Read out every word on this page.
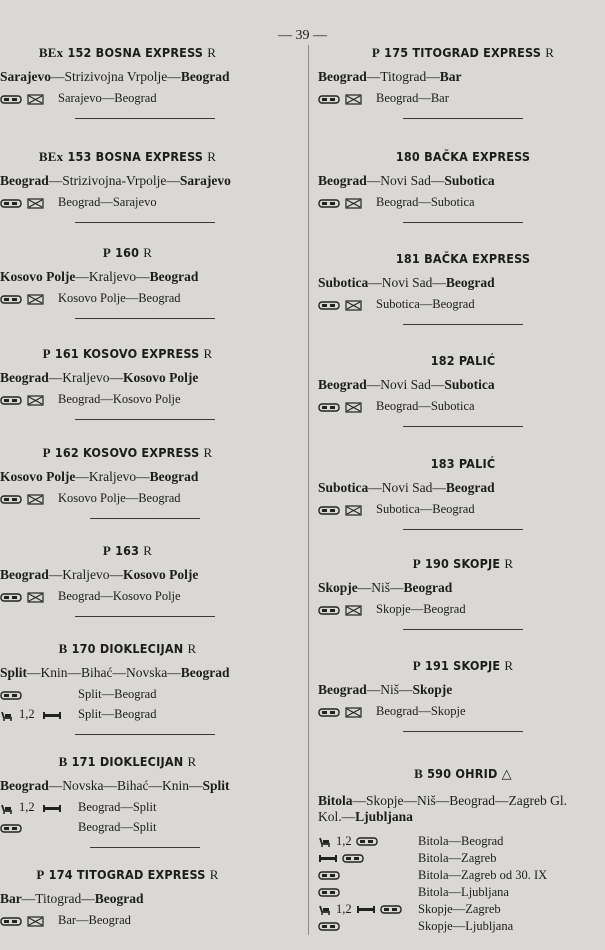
— 39 —
BEx 152 BOSNA EXPRESS R
Sarajevo—Strizivojna Vrpolje—Beograd
Sarajevo—Beograd
BEx 153 BOSNA EXPRESS R
Beograd—Strizivojna-Vrpolje—Sarajevo
Beograd—Sarajevo
P 160 R
Kosovo Polje—Kraljevo—Beograd
Kosovo Polje—Beograd
P 161 KOSOVO EXPRESS R
Beograd—Kraljevo—Kosovo Polje
Beograd—Kosovo Polje
P 162 KOSOVO EXPRESS R
Kosovo Polje—Kraljevo—Beograd
Kosovo Polje—Beograd
P 163 R
Beograd—Kraljevo—Kosovo Polje
Beograd—Kosovo Polje
B 170 DIOKLECIJAN R
Split—Knin—Bihać—Novska—Beograd
Split—Beograd
1,2	Split—Beograd
B 171 DIOKLECIJAN R
Beograd—Novska—Bihać—Knin—Split
1,2	Beograd—Split
Beograd—Split
P 174 TITOGRAD EXPRESS R
Bar—Titograd—Beograd
Bar—Beograd
P 175 TITOGRAD EXPRESS R
Beograd—Titograd—Bar
Beograd—Bar
180 BAČKA EXPRESS
Beograd—Novi Sad—Subotica
Beograd—Subotica
181 BAČKA EXPRESS
Subotica—Novi Sad—Beograd
Subotica—Beograd
182 PALIĆ
Beograd—Novi Sad—Subotica
Beograd—Subotica
183 PALIĆ
Subotica—Novi Sad—Beograd
Subotica—Beograd
P 190 SKOPJE R
Skopje—Niš—Beograd
Skopje—Beograd
P 191 SKOPJE R
Beograd—Niš—Skopje
Beograd—Skopje
B 590 OHRID △
Bitola—Skopje—Niš—Beograd—Zagreb Gl.
Kol.—Ljubljana
1,2	Bitola—Beograd
Bitola—Zagreb
Bitola—Zagreb od 30. IX
Bitola—Ljubljana
1,2	Skopje—Zagreb
Skopje—Ljubljana
